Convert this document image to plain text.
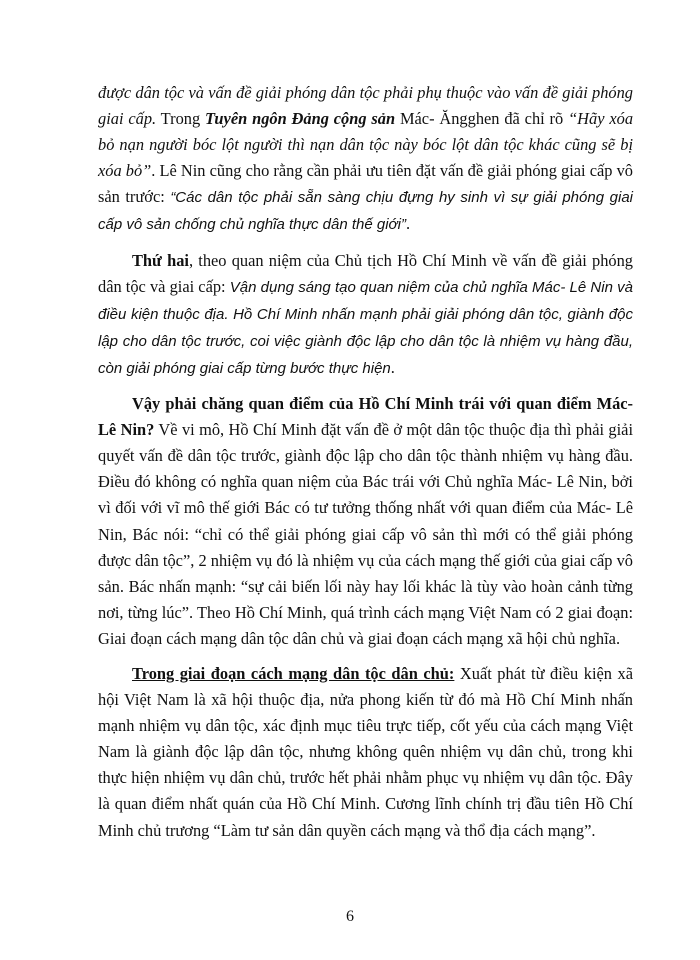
được dân tộc và vấn đề giải phóng dân tộc phải phụ thuộc vào vấn đề giải phóng giai cấp. Trong Tuyên ngôn Đảng cộng sản Mác- Ăngghen đã chỉ rõ “Hãy xóa bỏ nạn người bóc lột người thì nạn dân tộc này bóc lột dân tộc khác cũng sẽ bị xóa bỏ”. Lê Nin cũng cho rằng cần phải ưu tiên đặt vấn đề giải phóng giai cấp vô sản trước: “Các dân tộc phải sẵn sàng chịu đựng hy sinh vì sự giải phóng giai cấp vô sản chống chủ nghĩa thực dân thế giới”.

Thứ hai, theo quan niệm của Chủ tịch Hồ Chí Minh về vấn đề giải phóng dân tộc và giai cấp: Vận dụng sáng tạo quan niệm của chủ nghĩa Mác- Lê Nin và điều kiện thuộc địa. Hồ Chí Minh nhấn mạnh phải giải phóng dân tộc, giành độc lập cho dân tộc trước, coi việc giành độc lập cho dân tộc là nhiệm vụ hàng đầu, còn giải phóng giai cấp từng bước thực hiện.

Vậy phải chăng quan điểm của Hồ Chí Minh trái với quan điểm Mác- Lê Nin? Về vi mô, Hồ Chí Minh đặt vấn đề ở một dân tộc thuộc địa thì phải giải quyết vấn đề dân tộc trước, giành độc lập cho dân tộc thành nhiệm vụ hàng đầu. Điều đó không có nghĩa quan niệm của Bác trái với Chủ nghĩa Mác- Lê Nin, bởi vì đối với vĩ mô thế giới Bác có tư tưởng thống nhất với quan điểm của Mác- Lê Nin, Bác nói: “chỉ có thể giải phóng giai cấp vô sản thì mới có thể giải phóng được dân tộc”, 2 nhiệm vụ đó là nhiệm vụ của cách mạng thế giới của giai cấp vô sản. Bác nhấn mạnh: “sự cải biến lối này hay lối khác là tùy vào hoàn cảnh từng nơi, từng lúc”. Theo Hồ Chí Minh, quá trình cách mạng Việt Nam có 2 giai đoạn: Giai đoạn cách mạng dân tộc dân chủ và giai đoạn cách mạng xã hội chủ nghĩa.

Trong giai đoạn cách mạng dân tộc dân chủ: Xuất phát từ điều kiện xã hội Việt Nam là xã hội thuộc địa, nửa phong kiến từ đó mà Hồ Chí Minh nhấn mạnh nhiệm vụ dân tộc, xác định mục tiêu trực tiếp, cốt yếu của cách mạng Việt Nam là giành độc lập dân tộc, nhưng không quên nhiệm vụ dân chủ, trong khi thực hiện nhiệm vụ dân chủ, trước hết phải nhằm phục vụ nhiệm vụ dân tộc. Đây là quan điểm nhất quán của Hồ Chí Minh. Cương lĩnh chính trị đầu tiên Hồ Chí Minh chủ trương “Làm tư sản dân quyền cách mạng và thổ địa cách mạng”.

6
